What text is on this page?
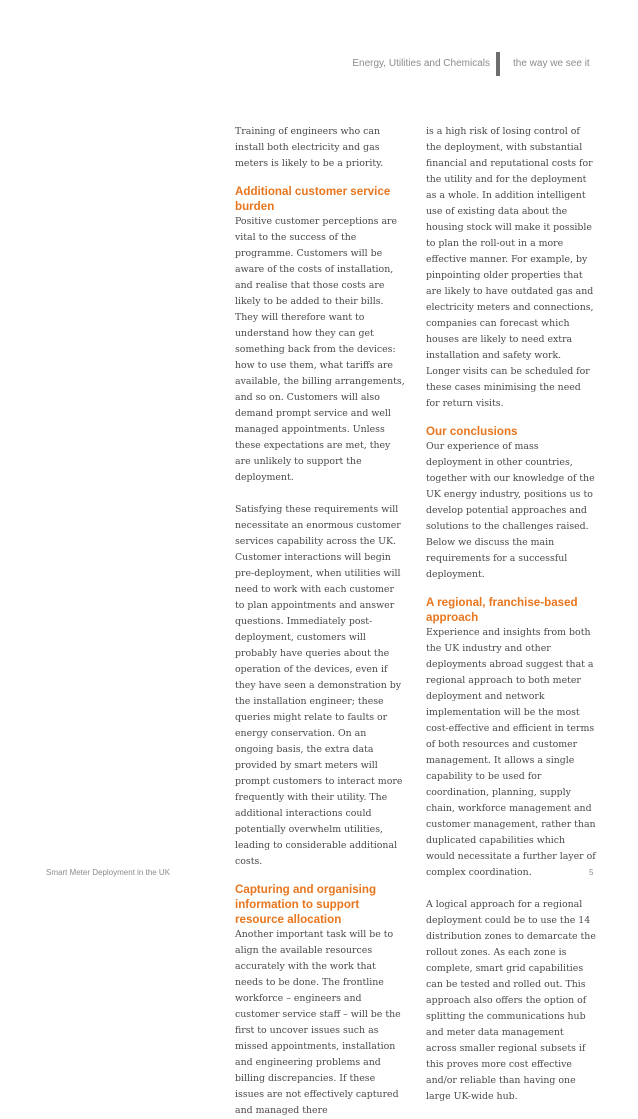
Energy, Utilities and Chemicals the way we see it

Training of engineers who can install both electricity and gas meters is likely to be a priority.

Additional customer service burden

Positive customer perceptions are vital to the success of the programme. Customers will be aware of the costs of installation, and realise that those costs are likely to be added to their bills. They will therefore want to understand how they can get something back from the devices: how to use them, what tariffs are available, the billing arrangements, and so on. Customers will also demand prompt service and well managed appointments. Unless these expectations are met, they are unlikely to support the deployment.

Satisfying these requirements will necessitate an enormous customer services capability across the UK. Customer interactions will begin pre-deployment, when utilities will need to work with each customer to plan appointments and answer questions. Immediately post-deployment, customers will probably have queries about the operation of the devices, even if they have seen a demonstration by the installation engineer; these queries might relate to faults or energy conservation. On an ongoing basis, the extra data provided by smart meters will prompt customers to interact more frequently with their utility. The additional interactions could potentially overwhelm utilities, leading to considerable additional costs.

Capturing and organising information to support resource allocation

Another important task will be to align the available resources accurately with the work that needs to be done. The frontline workforce – engineers and customer service staff – will be the first to uncover issues such as missed appointments, installation and engineering problems and billing discrepancies. If these issues are not effectively captured and managed there

is a high risk of losing control of the deployment, with substantial financial and reputational costs for the utility and for the deployment as a whole. In addition intelligent use of existing data about the housing stock will make it possible to plan the roll-out in a more effective manner. For example, by pinpointing older properties that are likely to have outdated gas and electricity meters and connections, companies can forecast which houses are likely to need extra installation and safety work. Longer visits can be scheduled for these cases minimising the need for return visits.

Our conclusions

Our experience of mass deployment in other countries, together with our knowledge of the UK energy industry, positions us to develop potential approaches and solutions to the challenges raised. Below we discuss the main requirements for a successful deployment.

A regional, franchise-based approach

Experience and insights from both the UK industry and other deployments abroad suggest that a regional approach to both meter deployment and network implementation will be the most cost-effective and efficient in terms of both resources and customer management. It allows a single capability to be used for coordination, planning, supply chain, workforce management and customer management, rather than duplicated capabilities which would necessitate a further layer of complex coordination.

A logical approach for a regional deployment could be to use the 14 distribution zones to demarcate the rollout zones. As each zone is complete, smart grid capabilities can be tested and rolled out. This approach also offers the option of splitting the communications hub and meter data management across smaller regional subsets if this proves more cost effective and/or reliable than having one large UK-wide hub.

Smart Meter Deployment in the UK	5
